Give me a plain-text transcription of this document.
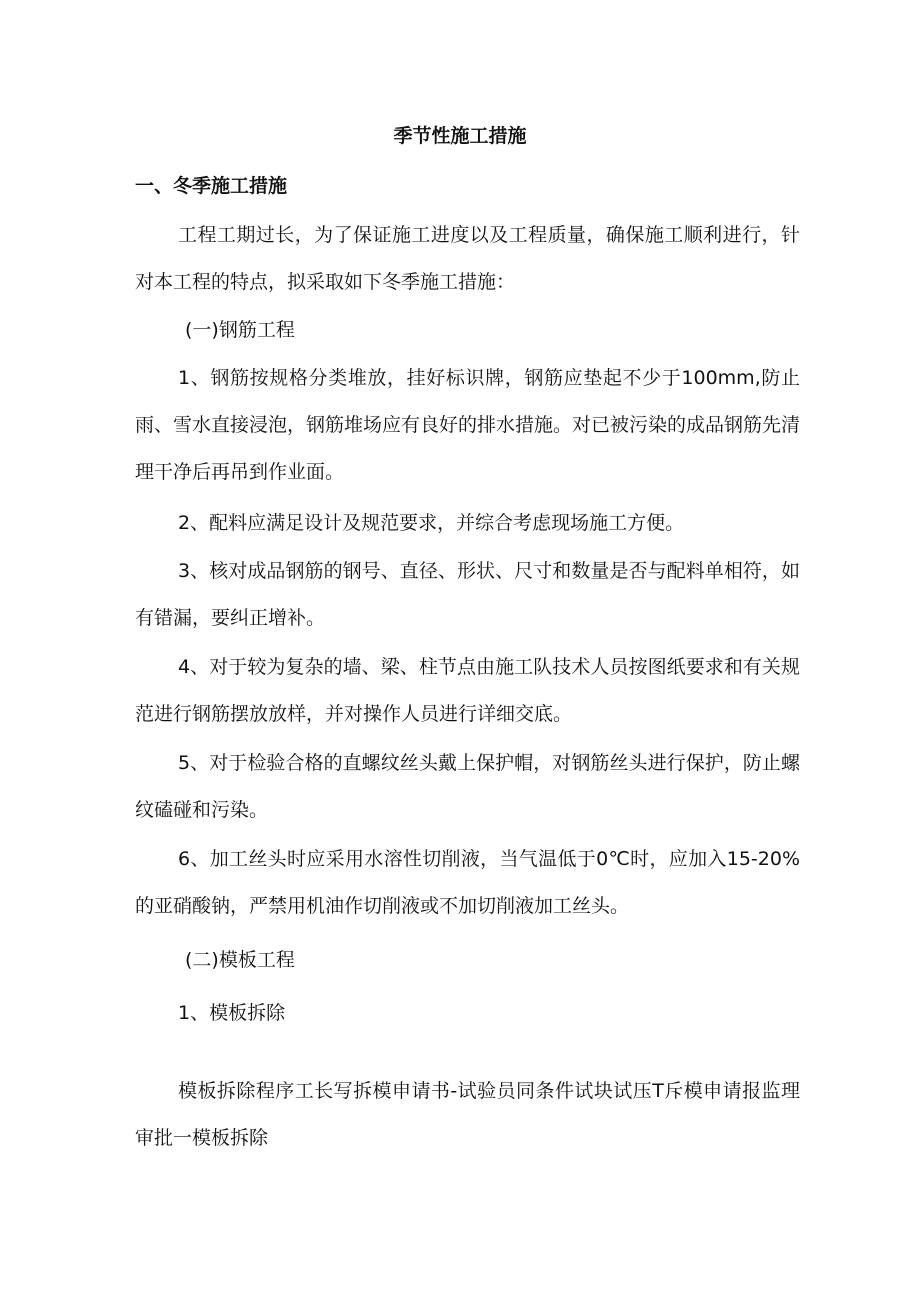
季节性施工措施
一、冬季施工措施
工程工期过长，为了保证施工进度以及工程质量，确保施工顺利进行，针对本工程的特点，拟采取如下冬季施工措施：
(一)钢筋工程
1、钢筋按规格分类堆放，挂好标识牌，钢筋应垫起不少于100mm,防止雨、雪水直接浸泡，钢筋堆场应有良好的排水措施。对已被污染的成品钢筋先清理干净后再吊到作业面。
2、配料应满足设计及规范要求，并综合考虑现场施工方便。
3、核对成品钢筋的钢号、直径、形状、尺寸和数量是否与配料单相符，如有错漏，要纠正增补。
4、对于较为复杂的墙、梁、柱节点由施工队技术人员按图纸要求和有关规范进行钢筋摆放放样，并对操作人员进行详细交底。
5、对于检验合格的直螺纹丝头戴上保护帽，对钢筋丝头进行保护，防止螺纹磕碰和污染。
6、加工丝头时应采用水溶性切削液，当气温低于0℃时，应加入15-20%的亚硝酸钠，严禁用机油作切削液或不加切削液加工丝头。
(二)模板工程
1、模板拆除
模板拆除程序工长写拆模申请书-试验员同条件试块试压T斥模申请报监理审批一模板拆除
